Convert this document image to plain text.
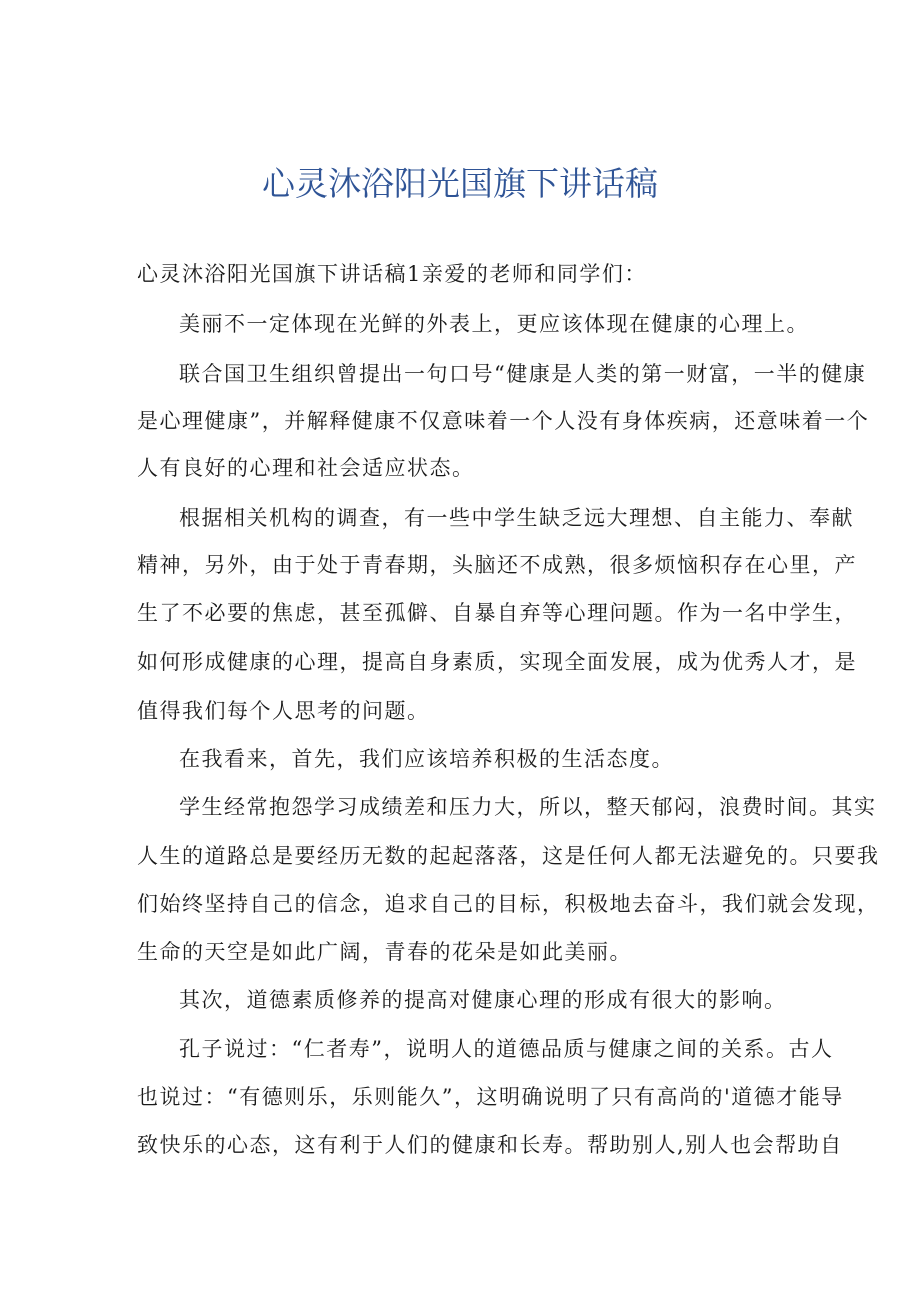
心灵沐浴阳光国旗下讲话稿

心灵沐浴阳光国旗下讲话稿1亲爱的老师和同学们：

美丽不一定体现在光鲜的外表上，更应该体现在健康的心理上。

联合国卫生组织曾提出一句口号“健康是人类的第一财富，一半的健康

是心理健康”，并解释健康不仅意味着一个人没有身体疾病，还意味着一个

人有良好的心理和社会适应状态。

根据相关机构的调查，有一些中学生缺乏远大理想、自主能力、奉献

精神，另外，由于处于青春期，头脑还不成熟，很多烦恼积存在心里，产

生了不必要的焦虑，甚至孤僻、自暴自弃等心理问题。作为一名中学生，

如何形成健康的心理，提高自身素质，实现全面发展，成为优秀人才，是

值得我们每个人思考的问题。

在我看来，首先，我们应该培养积极的生活态度。

学生经常抱怨学习成绩差和压力大，所以，整天郁闷，浪费时间。其实

人生的道路总是要经历无数的起起落落，这是任何人都无法避免的。只要我

们始终坚持自己的信念，追求自己的目标，积极地去奋斗，我们就会发现，

生命的天空是如此广阔，青春的花朵是如此美丽。

其次，道德素质修养的提高对健康心理的形成有很大的影响。

孔子说过：“仁者寿”，说明人的道德品质与健康之间的关系。古人

也说过：“有德则乐，乐则能久”，这明确说明了只有高尚的'道德才能导

致快乐的心态，这有利于人们的健康和长寿。帮助别人,别人也会帮助自
